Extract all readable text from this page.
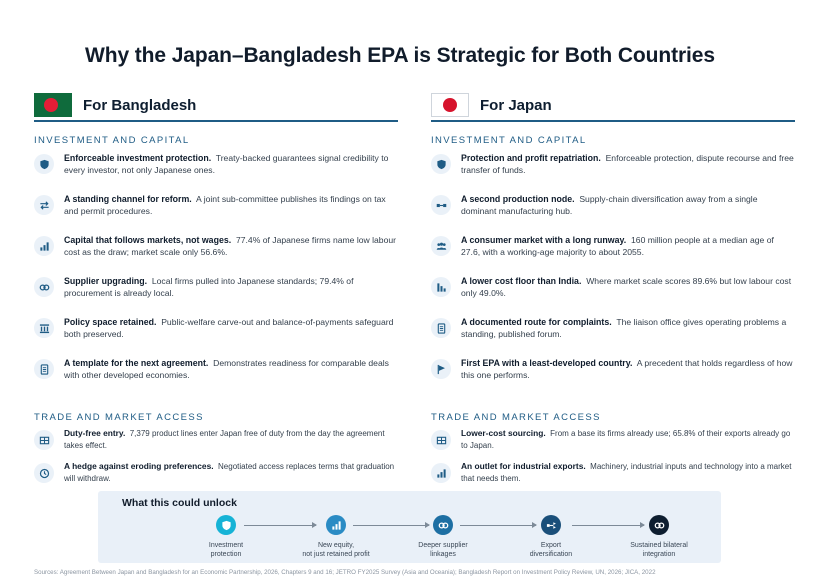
Why the Japan–Bangladesh EPA is Strategic for Both Countries
For Bangladesh
INVESTMENT AND CAPITAL
Enforceable investment protection. Treaty-backed guarantees signal credibility to every investor, not only Japanese ones.
A standing channel for reform. A joint sub-committee publishes its findings on tax and permit procedures.
Capital that follows markets, not wages. 77.4% of Japanese firms name low labour cost as the draw; market scale only 56.6%.
Supplier upgrading. Local firms pulled into Japanese standards; 79.4% of procurement is already local.
Policy space retained. Public-welfare carve-out and balance-of-payments safeguard both preserved.
A template for the next agreement. Demonstrates readiness for comparable deals with other developed economies.
TRADE AND MARKET ACCESS
Duty-free entry. 7,379 product lines enter Japan free of duty from the day the agreement takes effect.
A hedge against eroding preferences. Negotiated access replaces terms that graduation will withdraw.
For Japan
INVESTMENT AND CAPITAL
Protection and profit repatriation. Enforceable protection, dispute recourse and free transfer of funds.
A second production node. Supply-chain diversification away from a single dominant manufacturing hub.
A consumer market with a long runway. 160 million people at a median age of 27.6, with a working-age majority to about 2055.
A lower cost floor than India. Where market scale scores 89.6% but low labour cost only 49.0%.
A documented route for complaints. The liaison office gives operating problems a standing, published forum.
First EPA with a least-developed country. A precedent that holds regardless of how this one performs.
TRADE AND MARKET ACCESS
Lower-cost sourcing. From a base its firms already use; 65.8% of their exports already go to Japan.
An outlet for industrial exports. Machinery, industrial inputs and technology into a market that needs them.
What this could unlock
Investment
protection
New equity,
not just retained profit
Deeper supplier
linkages
Export
diversification
Sustained bilateral
integration
Sources: Agreement Between Japan and Bangladesh for an Economic Partnership, 2026, Chapters 9 and 16; JETRO FY2025 Survey (Asia and Oceania); Bangladesh Report on Investment Policy Review, UN, 2026; JICA, 2022
